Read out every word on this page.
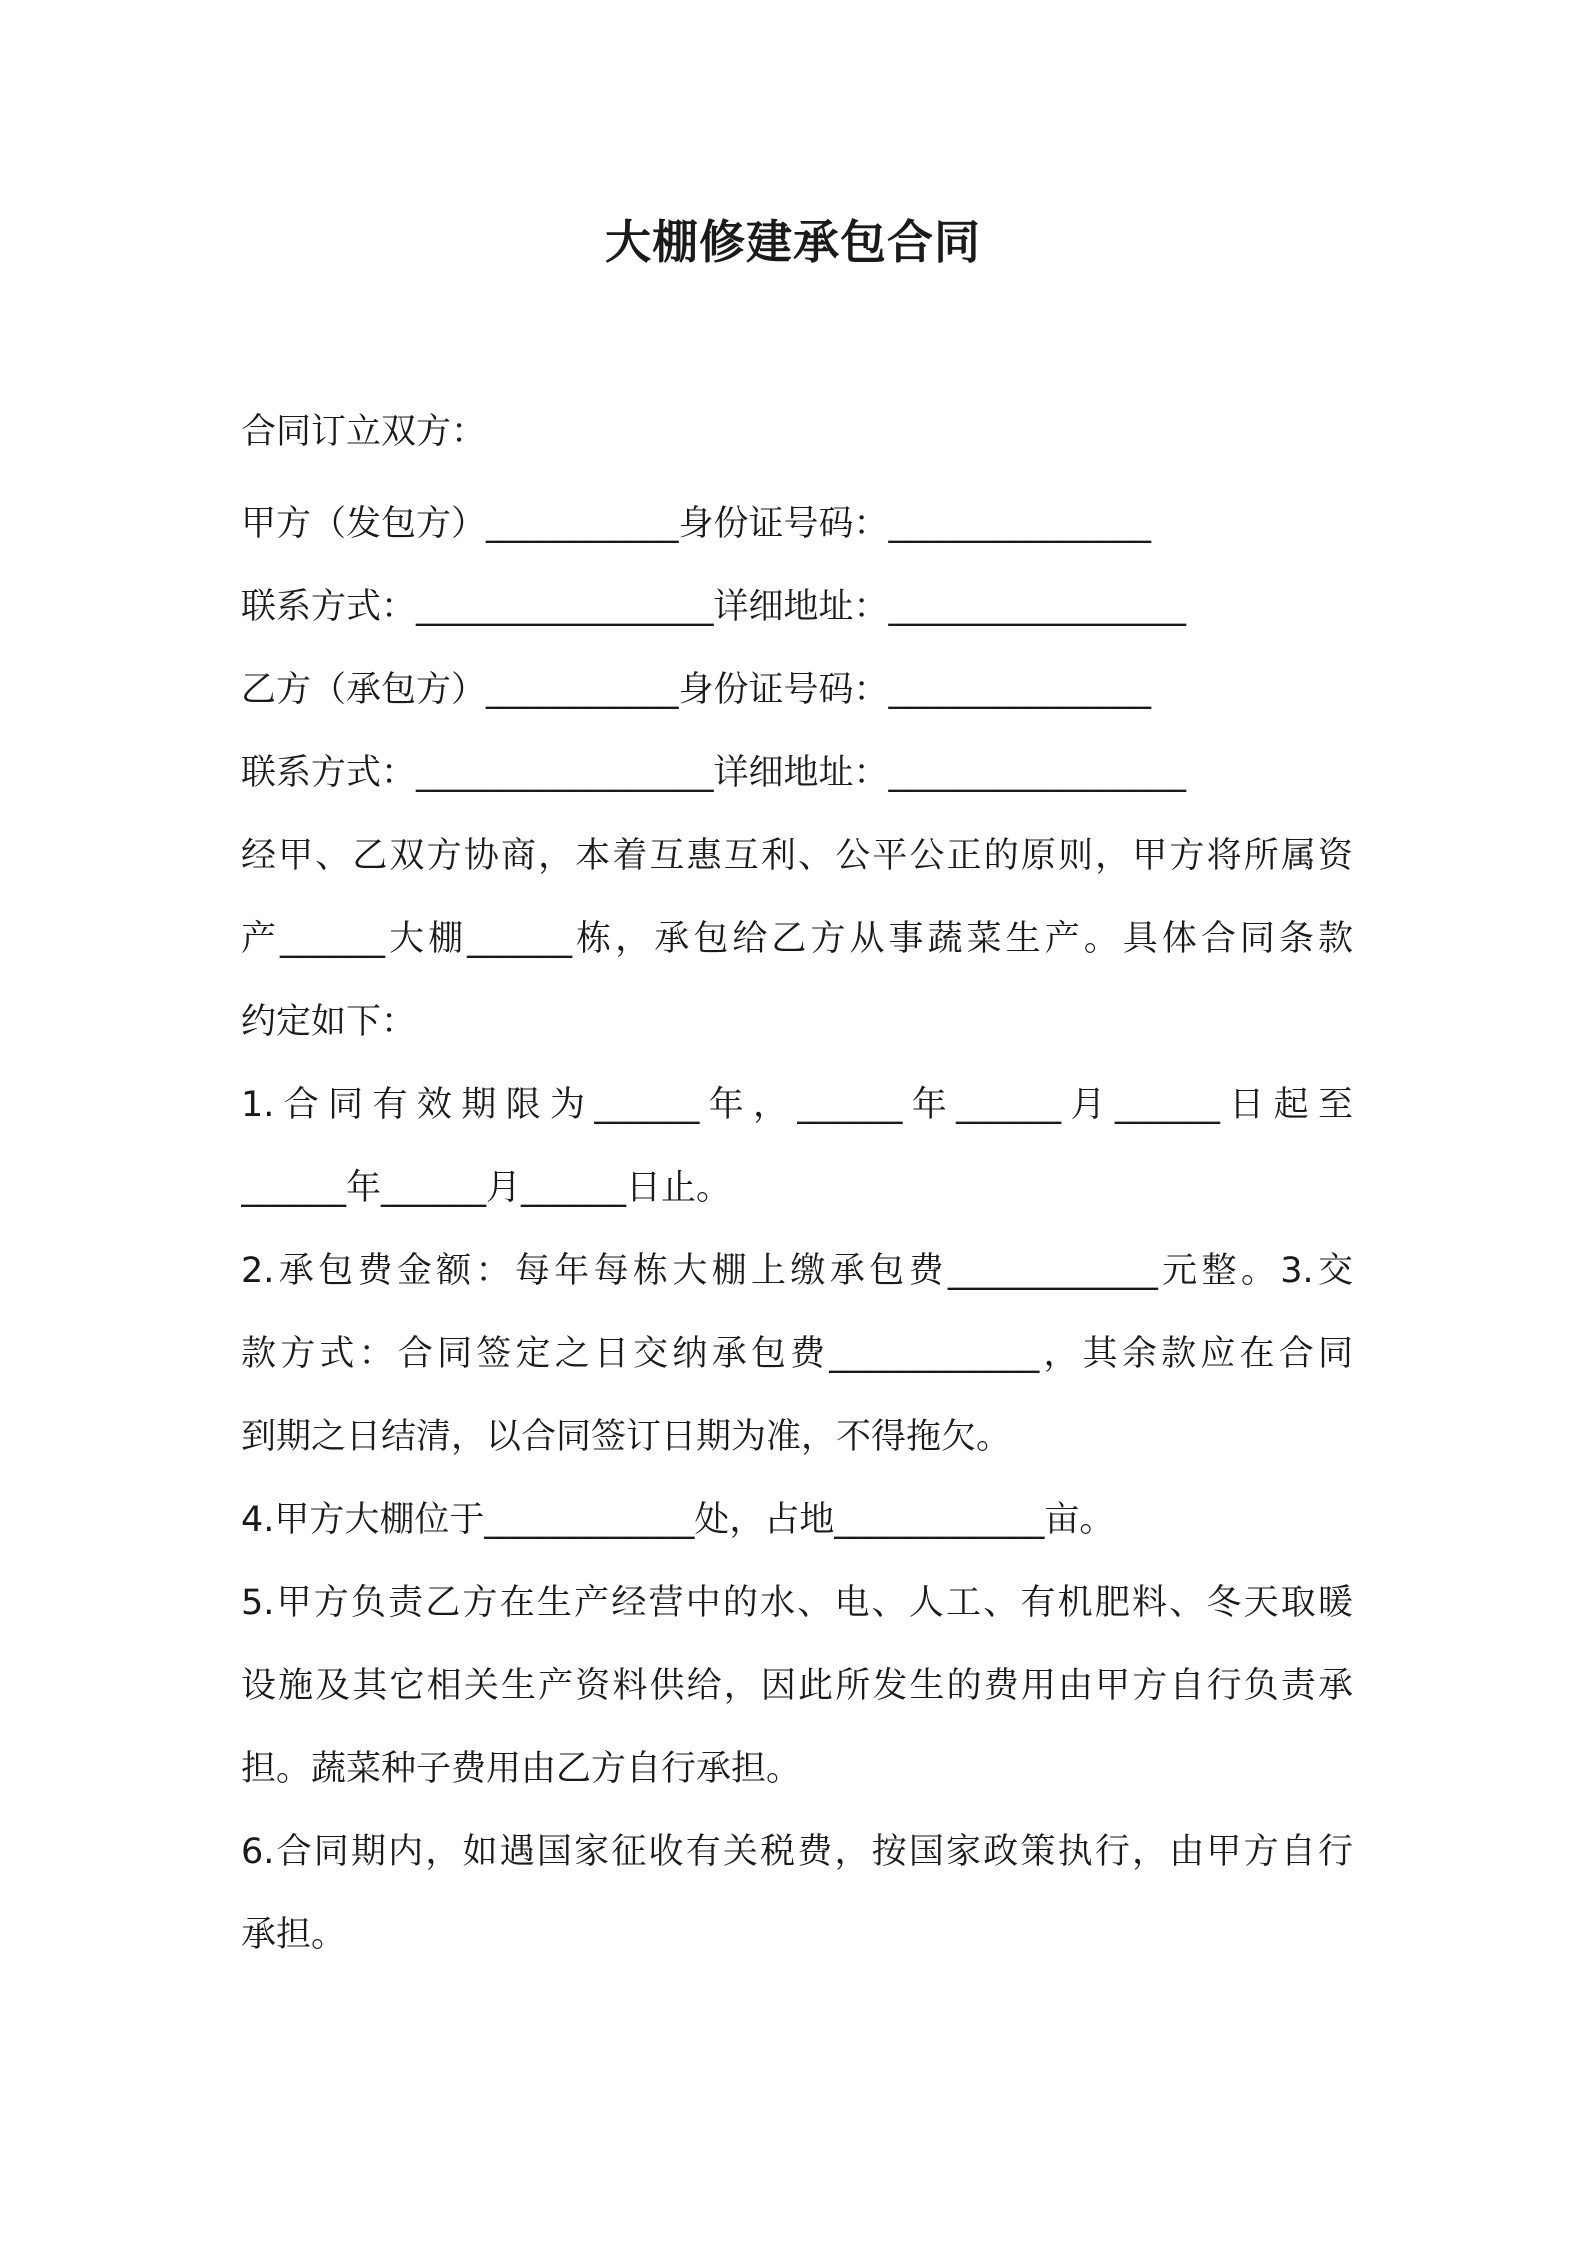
大棚修建承包合同
合同订立双方：
甲方（发包方）___________身份证号码：_______________
联系方式：_________________详细地址：_________________
乙方（承包方）___________身份证号码：_______________
联系方式：_________________详细地址：_________________
经甲、乙双方协商，本着互惠互利、公平公正的原则，甲方将所属资
产______大棚______栋，承包给乙方从事蔬菜生产。具体合同条款
约定如下：
1.合同有效期限为______年，______年______月______日起至
______年______月______日止。
2.承包费金额：每年每栋大棚上缴承包费____________元整。3.交
款方式：合同签定之日交纳承包费____________，其余款应在合同
到期之日结清，以合同签订日期为准，不得拖欠。
4.甲方大棚位于____________处，占地____________亩。
5.甲方负责乙方在生产经营中的水、电、人工、有机肥料、冬天取暖
设施及其它相关生产资料供给，因此所发生的费用由甲方自行负责承
担。蔬菜种子费用由乙方自行承担。
6.合同期内，如遇国家征收有关税费，按国家政策执行，由甲方自行
承担。
